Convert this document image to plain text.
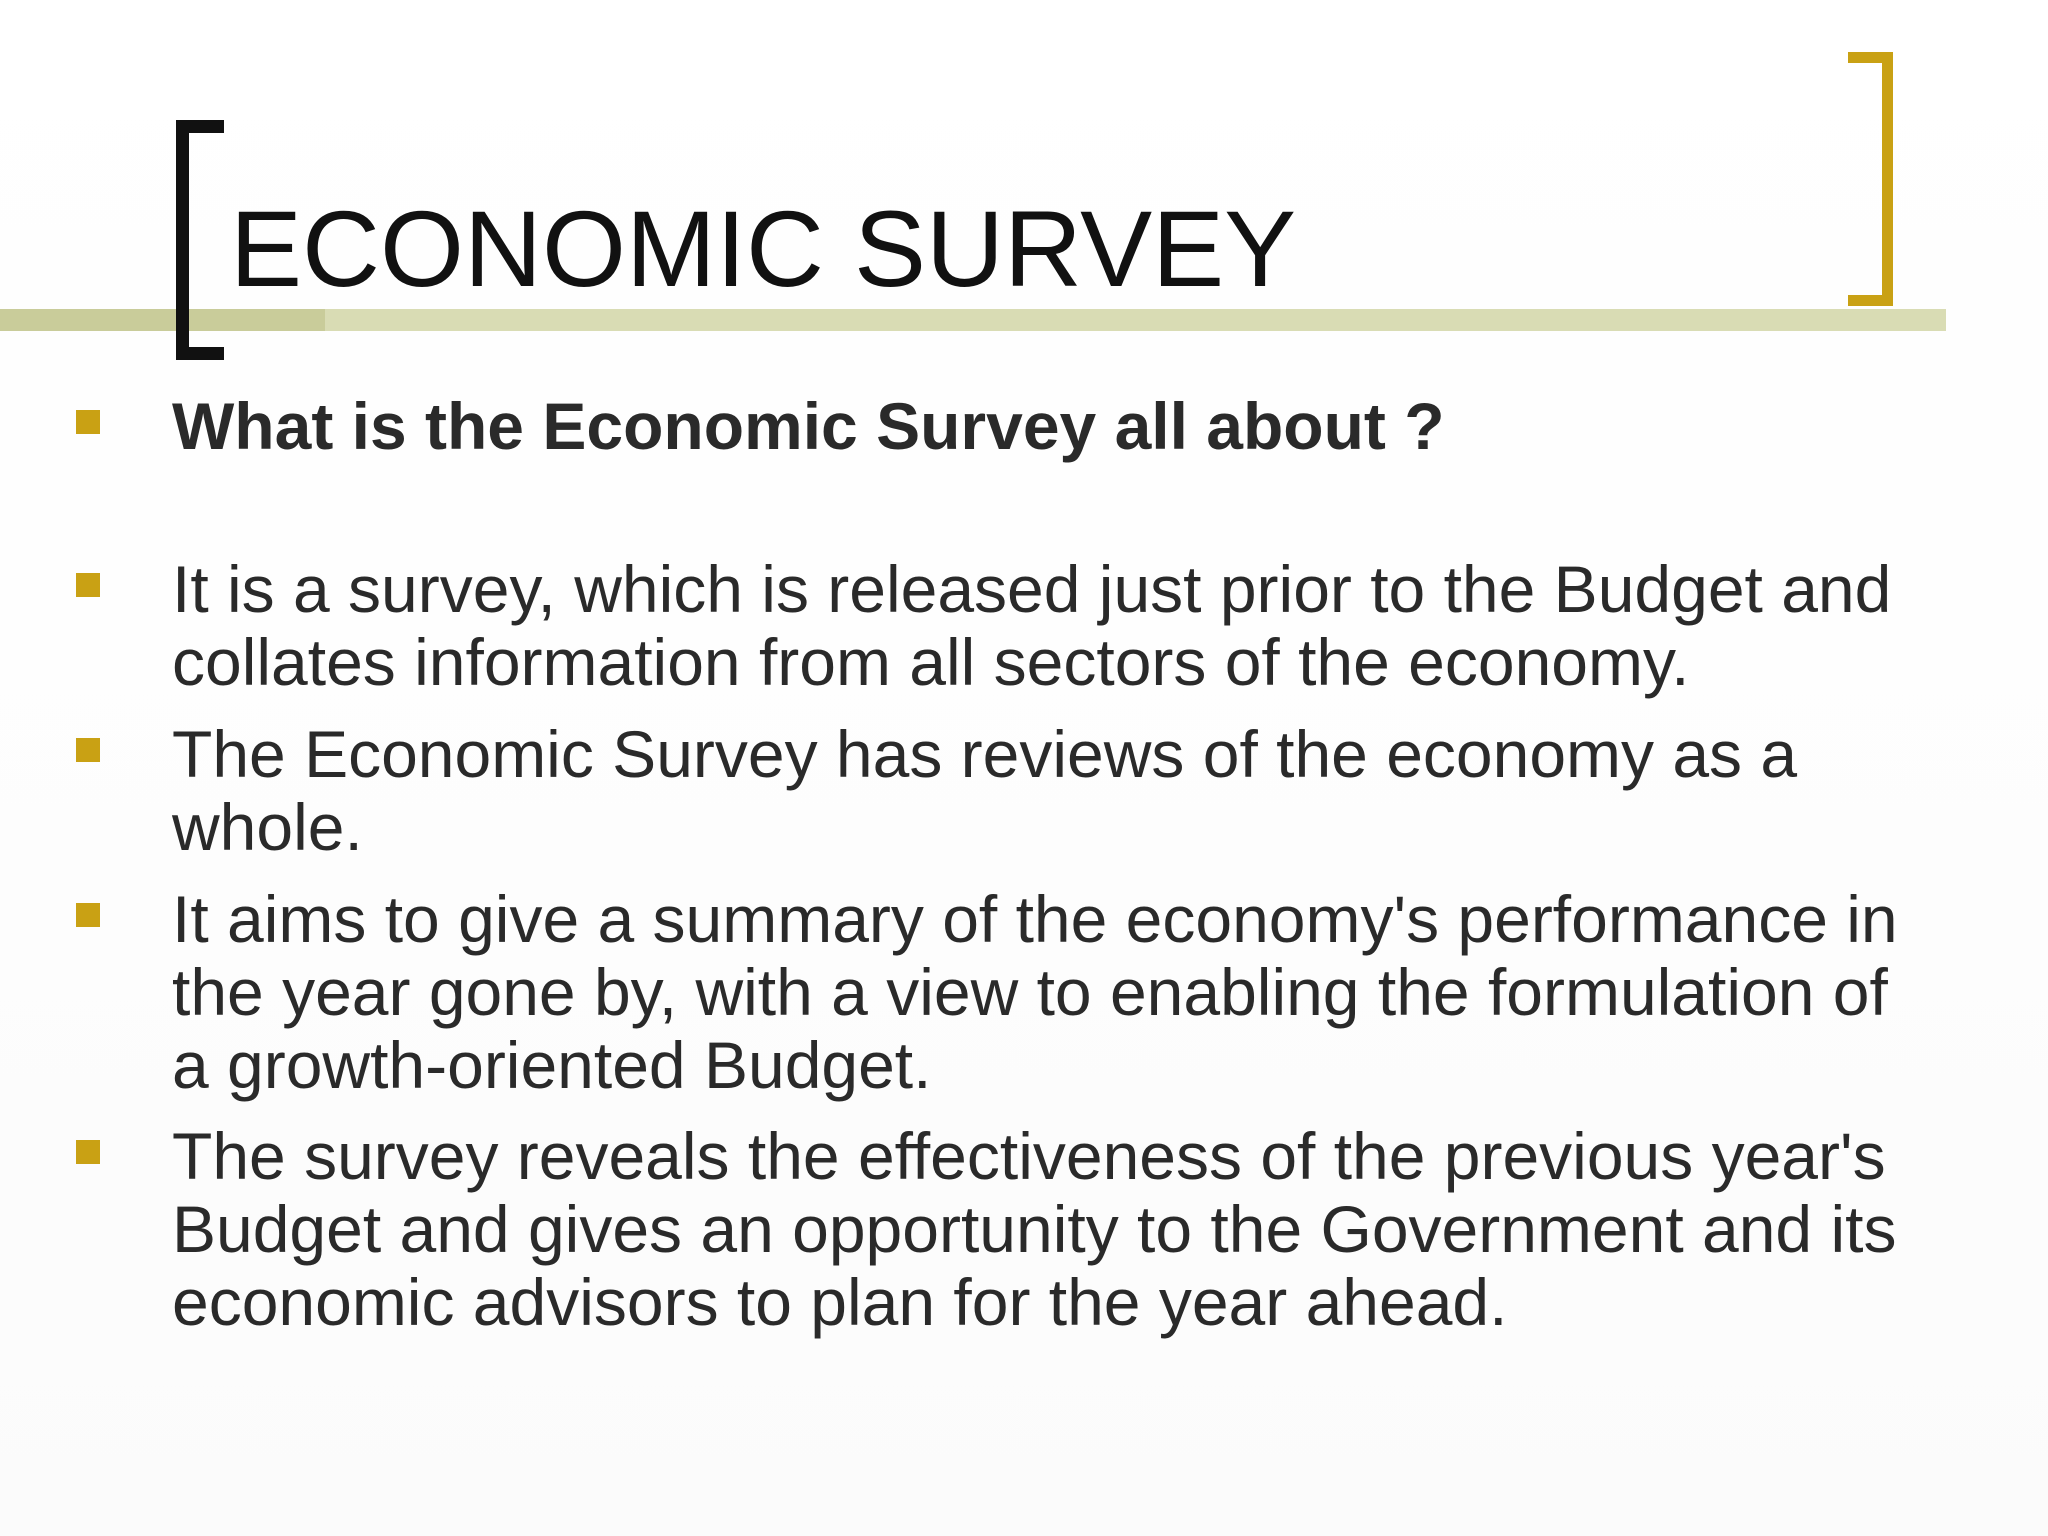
ECONOMIC SURVEY

What is the Economic Survey all about ?

It is a survey, which is released just prior to the Budget and
collates information from all sectors of the economy.

The Economic Survey has reviews of the economy as a
whole.

It aims to give a summary of the economy's performance in
the year gone by, with a view to enabling the formulation of
a growth-oriented Budget.

The survey reveals the effectiveness of the previous year's
Budget and gives an opportunity to the Government and its
economic advisors to plan for the year ahead.
